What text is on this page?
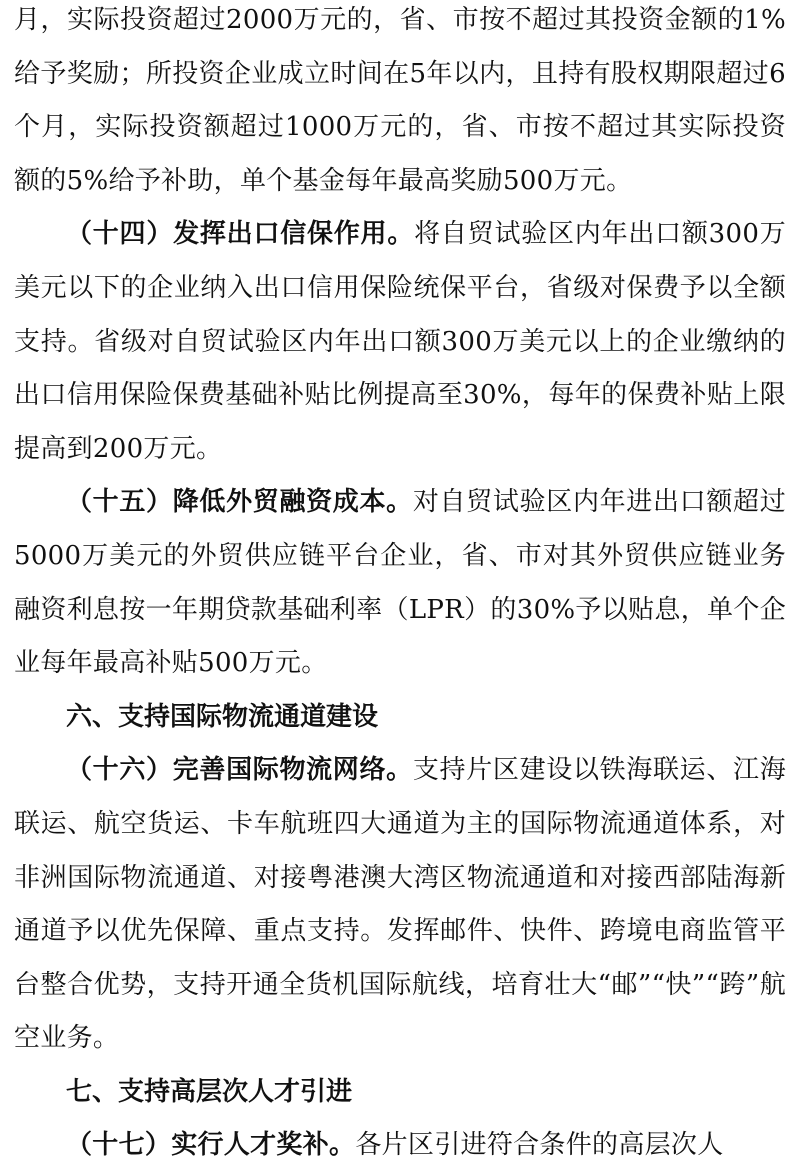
月，实际投资超过2000万元的，省、市按不超过其投资金额的1%给予奖励；所投资企业成立时间在5年以内，且持有股权期限超过6个月，实际投资额超过1000万元的，省、市按不超过其实际投资额的5%给予补助，单个基金每年最高奖励500万元。

（十四）发挥出口信保作用。将自贸试验区内年出口额300万美元以下的企业纳入出口信用保险统保平台，省级对保费予以全额支持。省级对自贸试验区内年出口额300万美元以上的企业缴纳的出口信用保险保费基础补贴比例提高至30%，每年的保费补贴上限提高到200万元。

（十五）降低外贸融资成本。对自贸试验区内年进出口额超过5000万美元的外贸供应链平台企业，省、市对其外贸供应链业务融资利息按一年期贷款基础利率（LPR）的30%予以贴息，单个企业每年最高补贴500万元。

六、支持国际物流通道建设

（十六）完善国际物流网络。支持片区建设以铁海联运、江海联运、航空货运、卡车航班四大通道为主的国际物流通道体系，对非洲国际物流通道、对接粤港澳大湾区物流通道和对接西部陆海新通道予以优先保障、重点支持。发挥邮件、快件、跨境电商监管平台整合优势，支持开通全货机国际航线，培育壮大“邮”“快”“跨”航空业务。

七、支持高层次人才引进

（十七）实行人才奖补。各片区引进符合条件的高层次人
